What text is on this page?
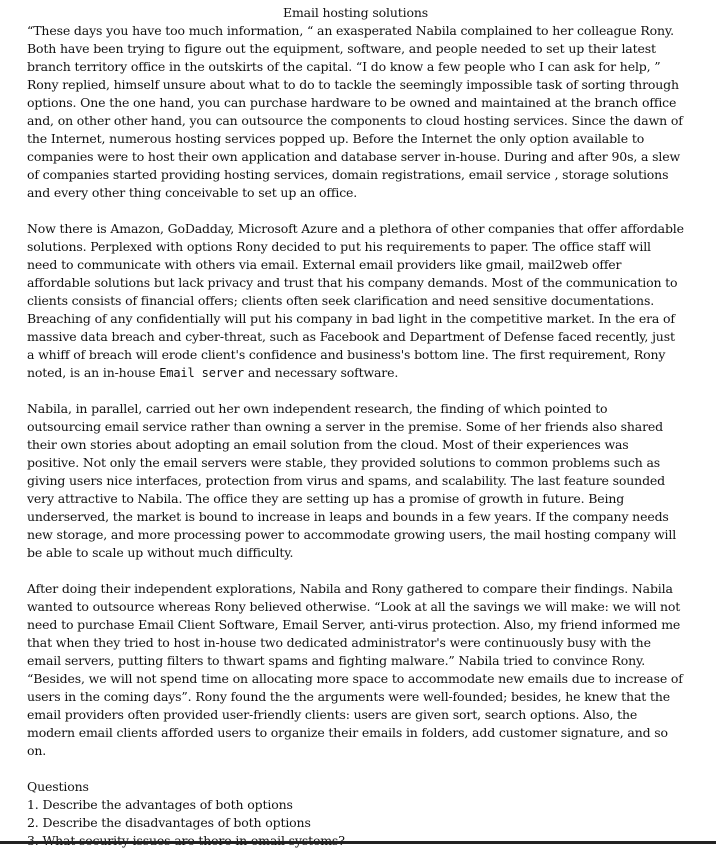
Email hosting solutions

“These days you have too much information, “ an exasperated Nabila complained to her colleague Rony. Both have been trying to figure out the equipment, software, and people needed to set up their latest branch territory office in the outskirts of the capital. “I do know a few people who I can ask for help, ” Rony replied, himself unsure about what to do to tackle the seemingly impossible task of sorting through options. One the one hand, you can purchase hardware to be owned and maintained at the branch office and, on other other hand, you can outsource the components to cloud hosting services. Since the dawn of the Internet, numerous hosting services popped up. Before the Internet the only option available to companies were to host their own application and database server in-house. During and after 90s, a slew of companies started providing hosting services, domain registrations, email service , storage solutions and every other thing conceivable to set up an office.

Now there is Amazon, GoDadday, Microsoft Azure and a plethora of other companies that offer affordable solutions. Perplexed with options Rony decided to put his requirements to paper. The office staff will need to communicate with others via email. External email providers like gmail, mail2web offer affordable solutions but lack privacy and trust that his company demands. Most of the communication to clients consists of financial offers; clients often seek clarification and need sensitive documentations. Breaching of any confidentially will put his company in bad light in the competitive market. In the era of massive data breach and cyber-threat, such as Facebook and Department of Defense faced recently, just a whiff of breach will erode client's confidence and business's bottom line. The first requirement, Rony noted, is an in-house Email server and necessary software.

Nabila, in parallel, carried out her own independent research, the finding of which pointed to outsourcing email service rather than owning a server in the premise. Some of her friends also shared their own stories about adopting an email solution from the cloud. Most of their experiences was positive. Not only the email servers were stable, they provided solutions to common problems such as giving users nice interfaces, protection from virus and spams, and scalability. The last feature sounded very attractive to Nabila. The office they are setting up has a promise of growth in future. Being underserved, the market is bound to increase in leaps and bounds in a few years. If the company needs new storage, and more processing power to accommodate growing users, the mail hosting company will be able to scale up without much difficulty.

After doing their independent explorations, Nabila and Rony gathered to compare their findings. Nabila wanted to outsource whereas Rony believed otherwise. “Look at all the savings we will make: we will not need to purchase Email Client Software, Email Server, anti-virus protection. Also, my friend informed me that when they tried to host in-house two dedicated administrator's were continuously busy with the email servers, putting filters to thwart spams and fighting malware.” Nabila tried to convince Rony. “Besides, we will not spend time on allocating more space to accommodate new emails due to increase of users in the coming days”. Rony found the the arguments were well-founded; besides, he knew that the email providers often provided user-friendly clients: users are given sort, search options. Also, the modern email clients afforded users to organize their emails in folders, add customer signature, and so on.

Questions
1. Describe the advantages of both options
2. Describe the disadvantages of both options
